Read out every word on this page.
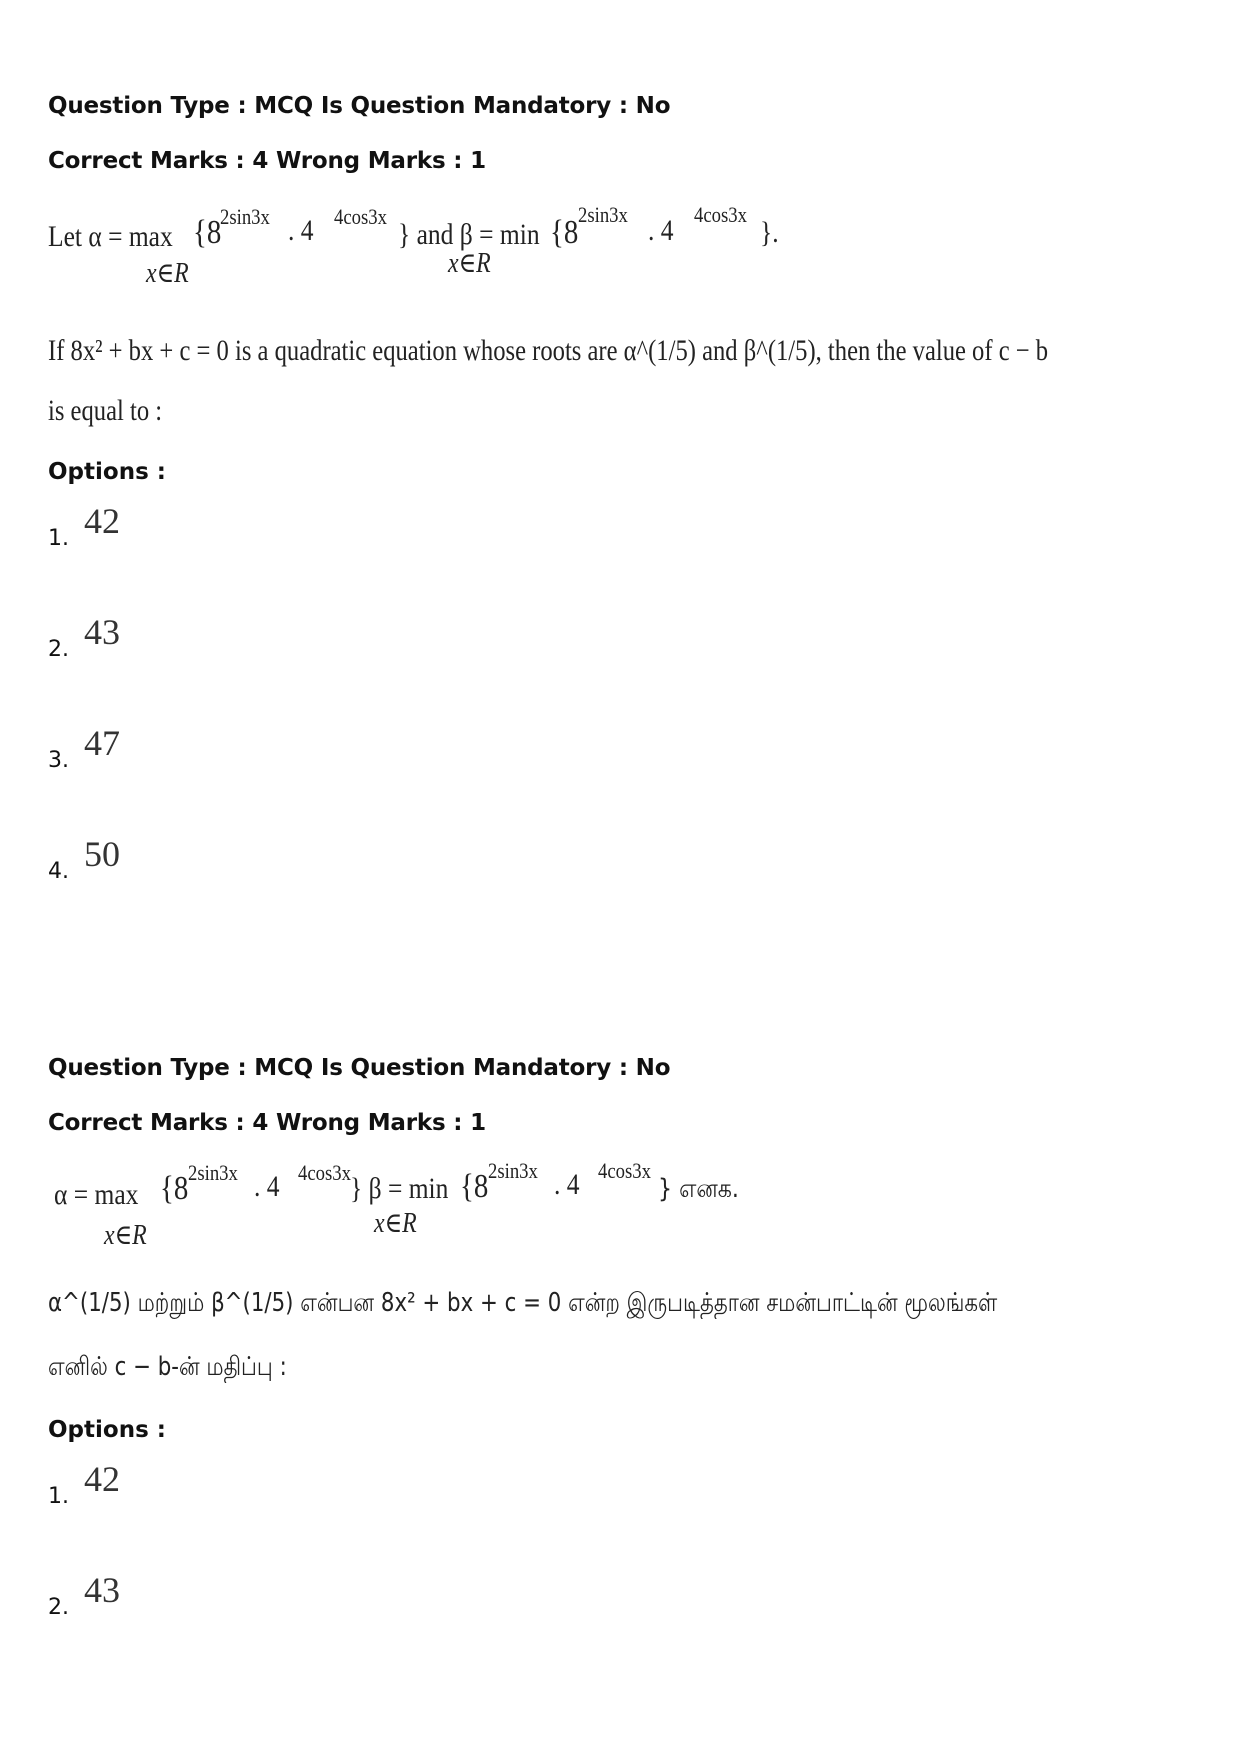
Question Type : MCQ Is Question Mandatory : No
Correct Marks : 4 Wrong Marks : 1
Let α = max {8
2sin3x . 4 4cos3x
} and β = min {8 2sin3x . 4 4cos3x
}.
x∈R	x∈R
If 8x² + bx + c = 0 is a quadratic equation whose roots are α^(1/5) and β^(1/5), then the value of c − b
is equal to :
Options :
1. 42
2. 43
3. 47
4. 50
Question Type : MCQ Is Question Mandatory : No
Correct Marks : 4 Wrong Marks : 1
α = max {8 2sin3x . 4 4cos3x } β = min {8 2sin3x . 4 4cos3x
} எனக.
x∈R	x∈R
α^(1/5) மற்றும் β^(1/5) என்பன 8x² + bx + c = 0 என்ற இருபடித்தான சமன்பாட்டின் மூலங்கள்
எனில் c − b-ன் மதிப்பு :
Options :
1. 42
2. 43
